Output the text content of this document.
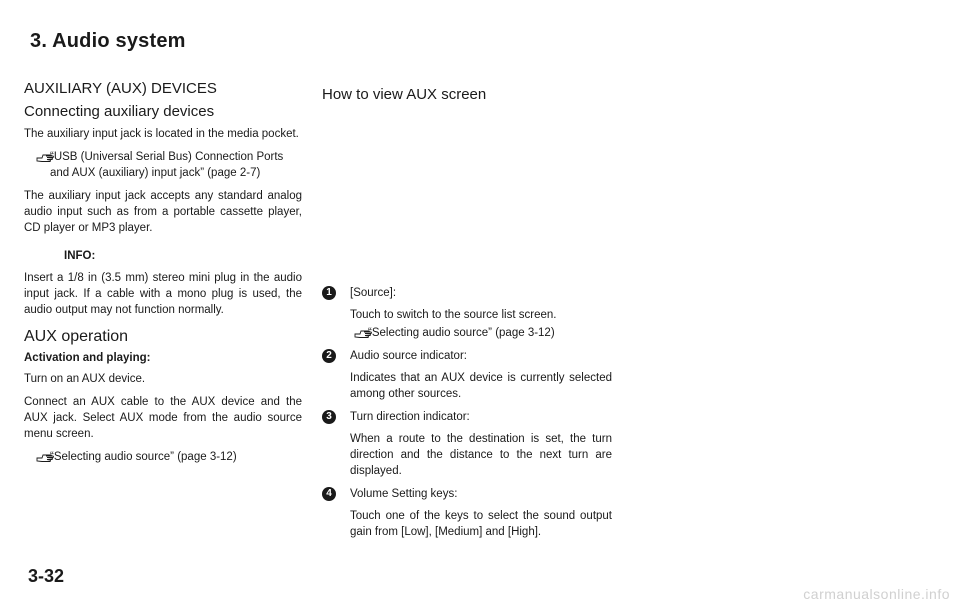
3. Audio system
AUXILIARY (AUX) DEVICES
Connecting auxiliary devices

The auxiliary input jack is located in the media pocket.

“USB (Universal Serial Bus) Connection Ports and AUX (auxiliary) input jack” (page 2-7)

The auxiliary input jack accepts any standard analog audio input such as from a portable cassette player, CD player or MP3 player.

INFO:

Insert a 1/8 in (3.5 mm) stereo mini plug in the audio input jack. If a cable with a mono plug is used, the audio output may not function normally.

AUX operation
Activation and playing:

Turn on an AUX device.

Connect an AUX cable to the AUX device and the AUX jack. Select AUX mode from the audio source menu screen.

“Selecting audio source” (page 3-12)
How to view AUX screen
1	[Source]:
Touch to switch to the source list screen.
“Selecting audio source” (page 3-12)
2	Audio source indicator:
Indicates that an AUX device is currently selected among other sources.
3	Turn direction indicator:
When a route to the destination is set, the turn direction and the distance to the next turn are displayed.
4	Volume Setting keys:
Touch one of the keys to select the sound output gain from [Low], [Medium] and [High].
3-32
carmanualsonline.info
